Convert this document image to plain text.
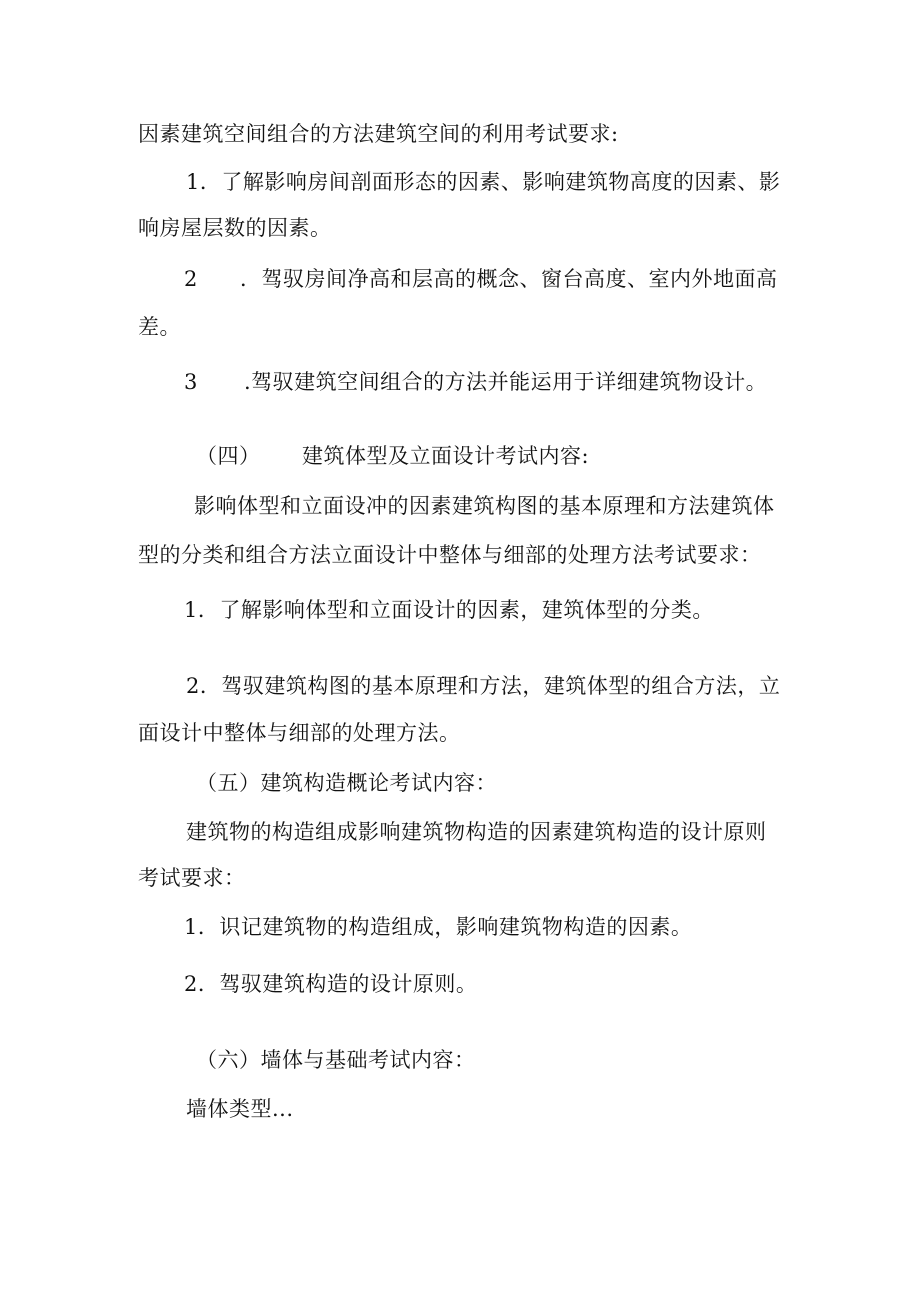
因素建筑空间组合的方法建筑空间的利用考试要求:
1．了解影响房间剖面形态的因素、影响建筑物高度的因素、影
响房屋层数的因素。
2 ．驾驭房间净高和层高的概念、窗台高度、室内外地面高
差。
3 .驾驭建筑空间组合的方法并能运用于详细建筑物设计。
（四） 建筑体型及立面设计考试内容:
影响体型和立面设冲的因素建筑构图的基本原理和方法建筑体
型的分类和组合方法立面设计中整体与细部的处理方法考试要求：
1．了解影响体型和立面设计的因素，建筑体型的分类。
2．驾驭建筑构图的基本原理和方法，建筑体型的组合方法，立
面设计中整体与细部的处理方法。
（五）建筑构造概论考试内容：
建筑物的构造组成影响建筑物构造的因素建筑构造的设计原则
考试要求：
1．识记建筑物的构造组成，影响建筑物构造的因素。
2．驾驭建筑构造的设计原则。
（六）墙体与基础考试内容：
墙体类型...
